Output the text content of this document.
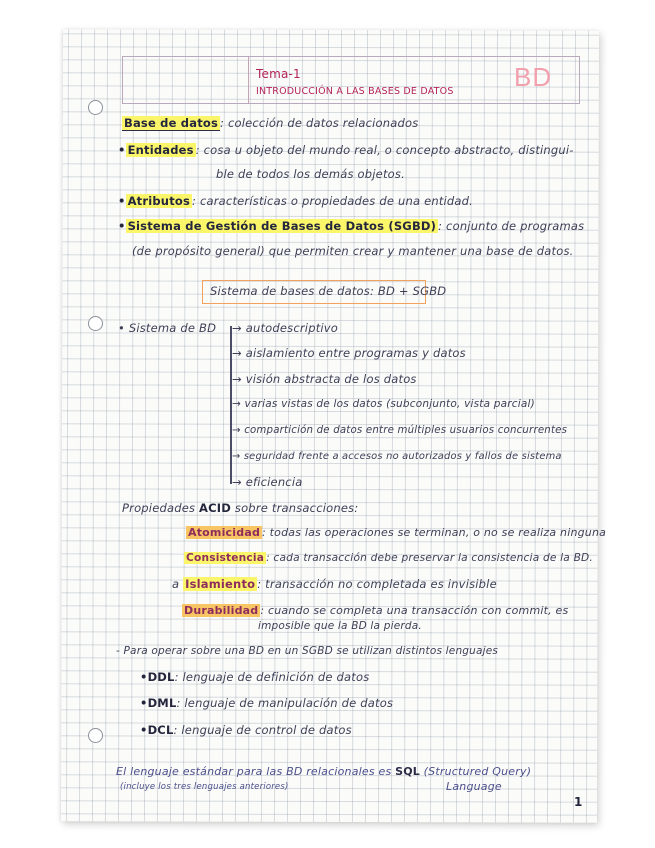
Tema-1
INTRODUCCIÓN A LAS BASES DE DATOS BD
Base de datos : colección de datos relacionados
• Entidades : cosa u objeto del mundo real, o concepto abstracto, distingui-
ble de todos los demás objetos.
• Atributos : características o propiedades de una entidad.
• Sistema de Gestión de Bases de Datos (SGBD) : conjunto de programas
(de propósito general) que permiten crear y mantener una base de datos.
Sistema de bases de datos: BD + SGBD
• Sistema de BD → autodescriptivo
→ aislamiento entre programas y datos
→ visión abstracta de los datos
→ varias vistas de los datos (subconjunto, vista parcial)
→ compartición de datos entre múltiples usuarios concurrentes
→ seguridad frente a accesos no autorizados y fallos de sistema
→ eficiencia
Propiedades ACID sobre transacciones:
Atomicidad : todas las operaciones se terminan, o no se realiza ninguna
Consistencia : cada transacción debe preservar la consistencia de la BD.
a Islamiento : transacción no completada es invisible
Durabilidad : cuando se completa una transacción con commit, es
imposible que la BD la pierda.
- Para operar sobre una BD en un SGBD se utilizan distintos lenguajes
•DDL: lenguaje de definición de datos
•DML: lenguaje de manipulación de datos
•DCL: lenguaje de control de datos
El lenguaje estándar para las BD relacionales es SQL (Structured Query)
(incluye los tres lenguajes anteriores)	Language
1
